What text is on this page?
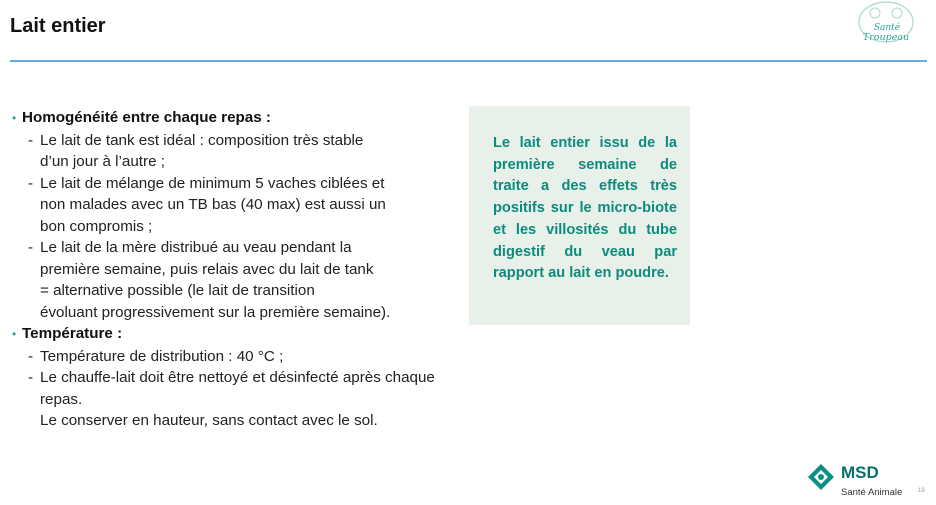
Lait entier	Santé
Troupeau
• Homogénéité entre chaque repas :
- Le lait de tank est idéal : composition très stable
d’un jour à l’autre ;
- Le lait de mélange de minimum 5 vaches ciblées et
non malades avec un TB bas (40 max) est aussi un
bon compromis ;
- Le lait de la mère distribué au veau pendant la
première semaine, puis relais avec du lait de tank
= alternative possible (le lait de transition
évoluant progressivement sur la première semaine).
• Température :
- Température de distribution : 40 °C ;
- Le chauffe-lait doit être nettoyé et désinfecté après chaque repas.
Le conserver en hauteur, sans contact avec le sol.
Le lait entier issu de la première semaine de traite a des effets très positifs sur le micro-biote et les villosités du tube digestif du veau par rapport au lait en poudre.
MSD
Santé Animale	19
